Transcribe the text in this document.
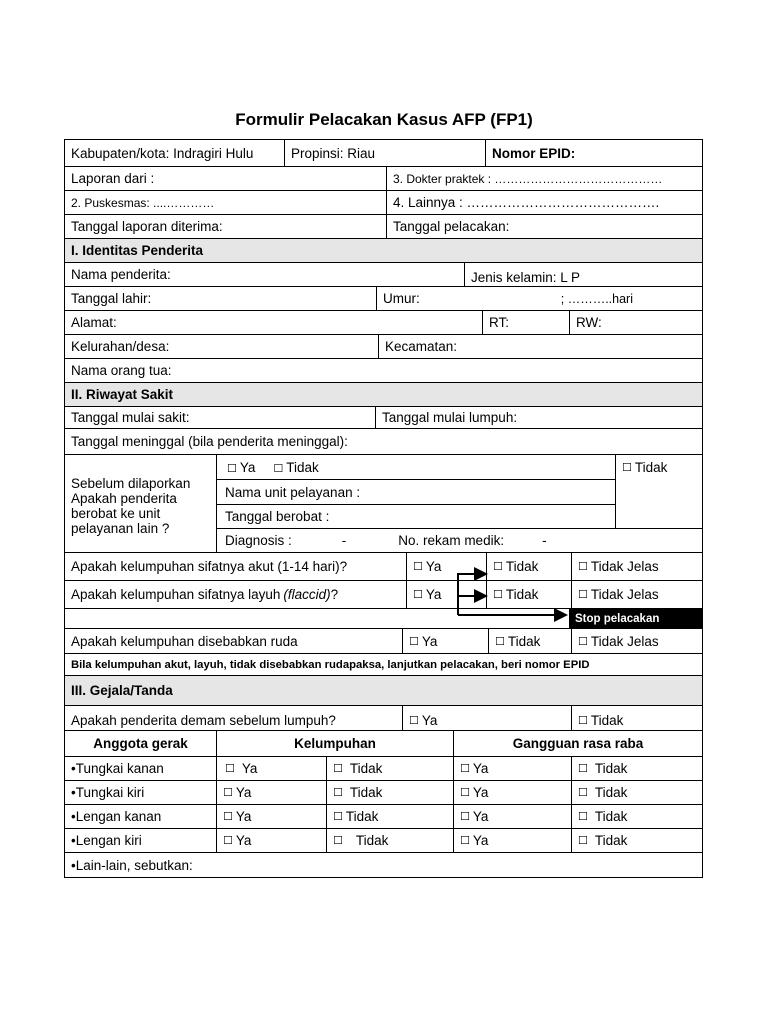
Formulir Pelacakan Kasus AFP (FP1)
Kabupaten/kota: Indragiri Hulu	Propinsi: Riau	Nomor EPID:
Laporan dari :	3. Dokter praktek : ……………………………………
2. Puskesmas: ....…………	4. Lainnya : …………………………………….
Tanggal laporan diterima:	Tanggal pelacakan:
I. Identitas Penderita
Nama penderita:	Jenis kelamin: L P
Tanggal lahir:	Umur:	; ………..hari
Alamat:	RT:	RW:
Kelurahan/desa:	Kecamatan:
Nama orang tua:
II. Riwayat Sakit
Tanggal mulai sakit:	Tanggal mulai lumpuh:
Tanggal meninggal (bila penderita meninggal):
Sebelum dilaporkan
Apakah penderita
berobat ke unit
pelayanan lain ?
☐ Ya ☐ Tidak	☐ Tidak
Nama unit pelayanan :
Tanggal berobat :
Diagnosis :	-	No. rekam medik:	-
Apakah kelumpuhan sifatnya akut (1-14 hari)?	☐ Ya	☐ Tidak	☐ Tidak Jelas
Apakah kelumpuhan sifatnya layuh (flaccid) ?	☐ Ya	☐ Tidak	☐ Tidak Jelas
Stop pelacakan
Apakah kelumpuhan disebabkan ruda	☐ Ya	☐ Tidak	☐ Tidak Jelas
Bila kelumpuhan akut, layuh, tidak disebabkan rudapaksa, lanjutkan pelacakan, beri nomor EPID
III. Gejala/Tanda
Apakah penderita demam sebelum lumpuh?	☐ Ya	☐ Tidak
Anggota gerak	Kelumpuhan	Gangguan rasa raba
•Tungkai kanan	☐ Ya	☐ Tidak	☐ Ya	☐ Tidak
•Tungkai kiri	☐ Ya	☐ Tidak	☐ Ya	☐ Tidak
•Lengan kanan	☐ Ya	☐ Tidak	☐ Ya	☐ Tidak
•Lengan kiri	☐ Ya	☐ Tidak	☐ Ya	☐ Tidak
•Lain-lain, sebutkan:
